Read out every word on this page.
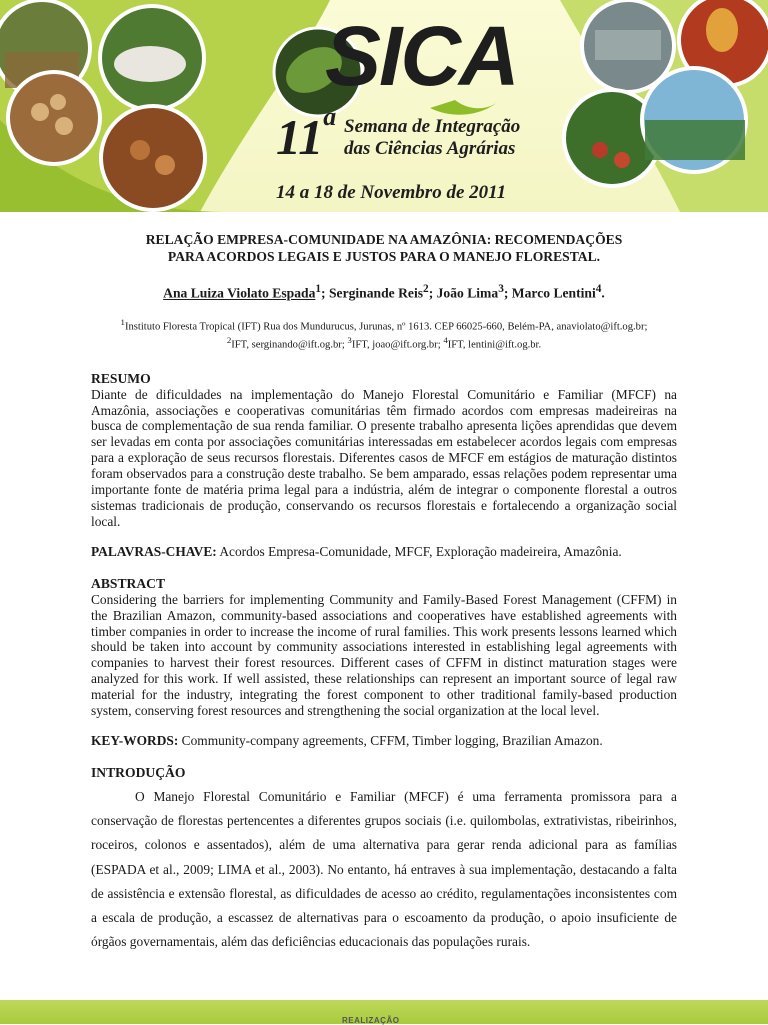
SICA
11$^a$ Semana de Integração
das Ciências Agrárias
14 a 18 de Novembro de 2011

RELAÇÃO EMPRESA-COMUNIDADE NA AMAZÔNIA: RECOMENDAÇÕES
PARA ACORDOS LEGAIS E JUSTOS PARA O MANEJO FLORESTAL.

Ana Luiza Violato Espada$^1$; Serginande Reis$^2$; João Lima$^3$; Marco Lentini$^4$.

$^1$Instituto Floresta Tropical (IFT) Rua dos Mundurucus, Jurunas, nº 1613. CEP 66025-660, Belém-PA, anaviolato@ift.og.br;
$^2$IFT, serginando@ift.og.br; $^3$IFT, joao@ift.org.br; $^4$IFT, lentini@ift.og.br.

RESUMO

Diante de dificuldades na implementação do Manejo Florestal Comunitário e Familiar (MFCF) na Amazônia, associações e cooperativas comunitárias têm firmado acordos com empresas madeireiras na busca de complementação de sua renda familiar. O presente trabalho apresenta lições aprendidas que devem ser levadas em conta por associações comunitárias interessadas em estabelecer acordos legais com empresas para a exploração de seus recursos florestais. Diferentes casos de MFCF em estágios de maturação distintos foram observados para a construção deste trabalho. Se bem amparado, essas relações podem representar uma importante fonte de matéria prima legal para a indústria, além de integrar o componente florestal a outros sistemas tradicionais de produção, conservando os recursos florestais e fortalecendo a organização social local.

PALAVRAS-CHAVE: Acordos Empresa-Comunidade, MFCF, Exploração madeireira, Amazônia.

ABSTRACT

Considering the barriers for implementing Community and Family-Based Forest Management (CFFM) in the Brazilian Amazon, community-based associations and cooperatives have established agreements with timber companies in order to increase the income of rural families. This work presents lessons learned which should be taken into account by community associations interested in establishing legal agreements with companies to harvest their forest resources. Different cases of CFFM in distinct maturation stages were analyzed for this work. If well assisted, these relationships can represent an important source of legal raw material for the industry, integrating the forest component to other traditional family-based production system, conserving forest resources and strengthening the social organization at the local level.

KEY-WORDS: Community-company agreements, CFFM, Timber logging, Brazilian Amazon.

INTRODUÇÃO

O Manejo Florestal Comunitário e Familiar (MFCF) é uma ferramenta promissora para a conservação de florestas pertencentes a diferentes grupos sociais (i.e. quilombolas, extrativistas, ribeirinhos, roceiros, colonos e assentados), além de uma alternativa para gerar renda adicional para as famílias (ESPADA et al., 2009; LIMA et al., 2003). No entanto, há entraves à sua implementação, destacando a falta de assistência e extensão florestal, as dificuldades de acesso ao crédito, regulamentações inconsistentes com a escala de produção, a escassez de alternativas para o escoamento da produção, o apoio insuficiente de órgãos governamentais, além das deficiências educacionais das populações rurais.

REALIZAÇÃO
